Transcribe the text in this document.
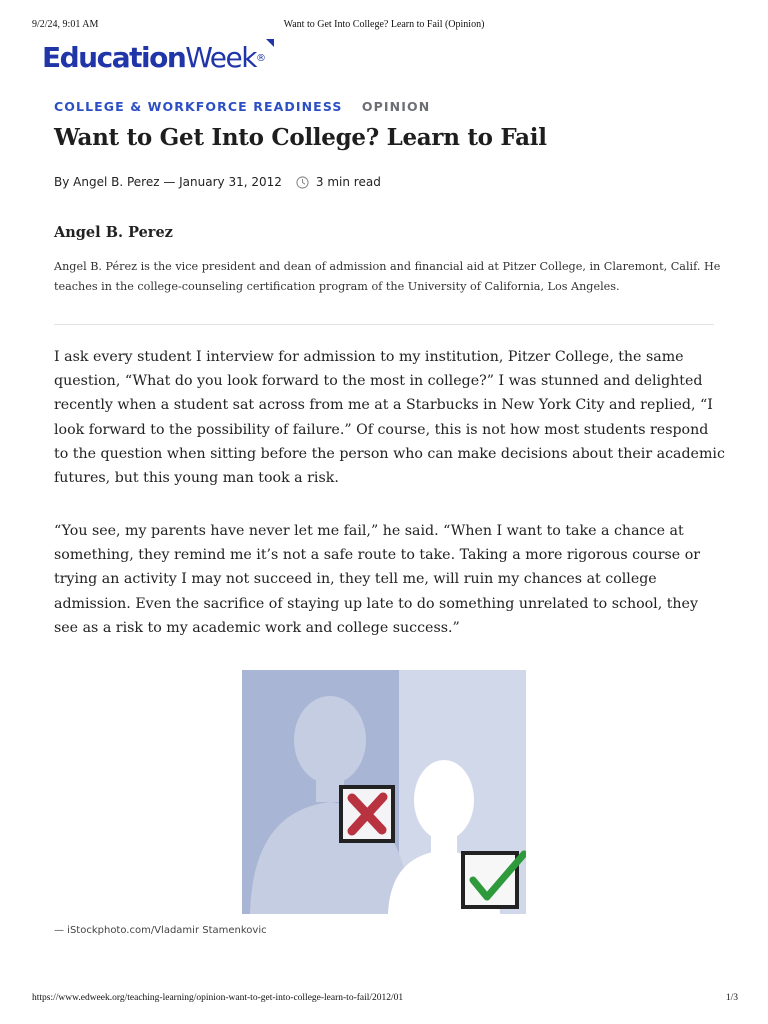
9/2/24, 9:01 AM	Want to Get Into College? Learn to Fail (Opinion)
EducationWeek®
COLLEGE & WORKFORCE READINESS OPINION
Want to Get Into College? Learn to Fail
By Angel B. Perez — January 31, 2012	3 min read
Angel B. Perez
Angel B. Pérez is the vice president and dean of admission and financial aid at Pitzer College, in Claremont, Calif. He teaches in the college-counseling certification program of the University of California, Los Angeles.

I ask every student I interview for admission to my institution, Pitzer College, the same question, “What do you look forward to the most in college?” I was stunned and delighted recently when a student sat across from me at a Starbucks in New York City and replied, “I look forward to the possibility of failure.” Of course, this is not how most students respond to the question when sitting before the person who can make decisions about their academic futures, but this young man took a risk.

“You see, my parents have never let me fail,” he said. “When I want to take a chance at something, they remind me it’s not a safe route to take. Taking a more rigorous course or trying an activity I may not succeed in, they tell me, will ruin my chances at college admission. Even the sacrifice of staying up late to do something unrelated to school, they see as a risk to my academic work and college success.”

— iStockphoto.com/Vladamir Stamenkovic
https://www.edweek.org/teaching-learning/opinion-want-to-get-into-college-learn-to-fail/2012/01	1/3
